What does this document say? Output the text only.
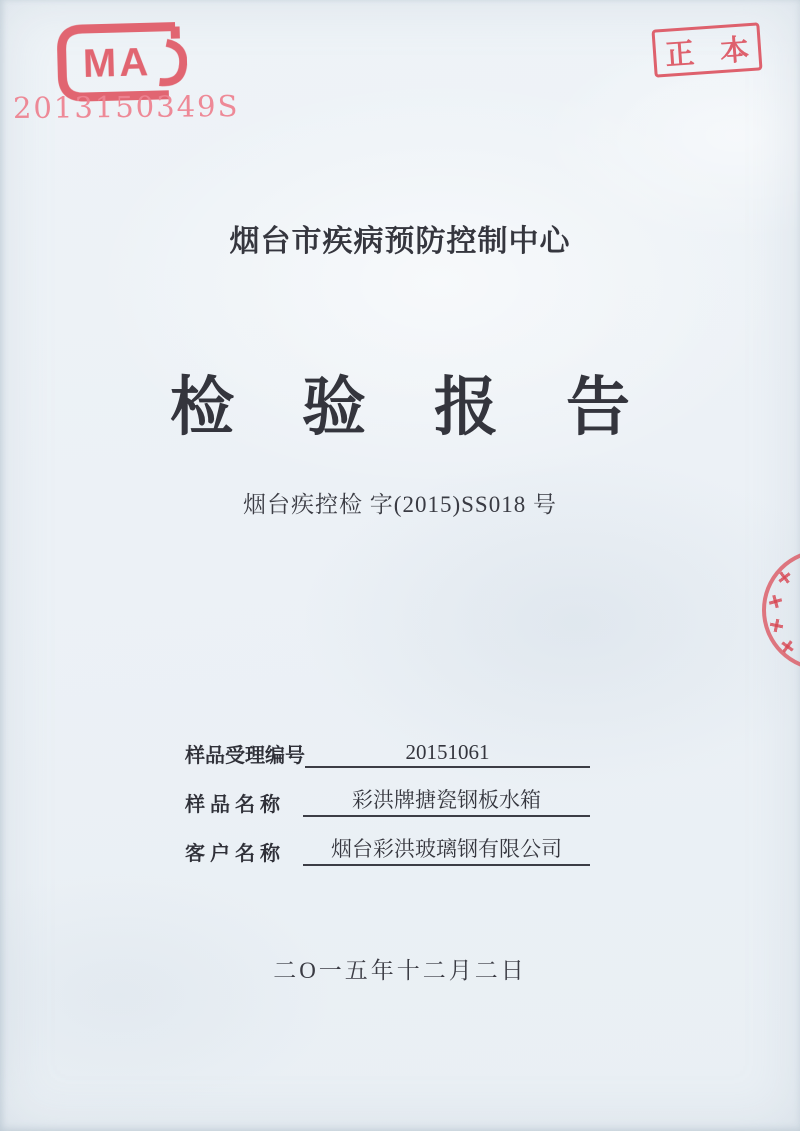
MA
2013150349S
正 本
烟台市疾病预防控制中心
检验报告
烟台疾控检 字(2015)SS018 号
样品受理编号	20151061
样 品 名 称	彩洪牌搪瓷钢板水箱
客 户 名 称	烟台彩洪玻璃钢有限公司
二O一五年十二月二日
